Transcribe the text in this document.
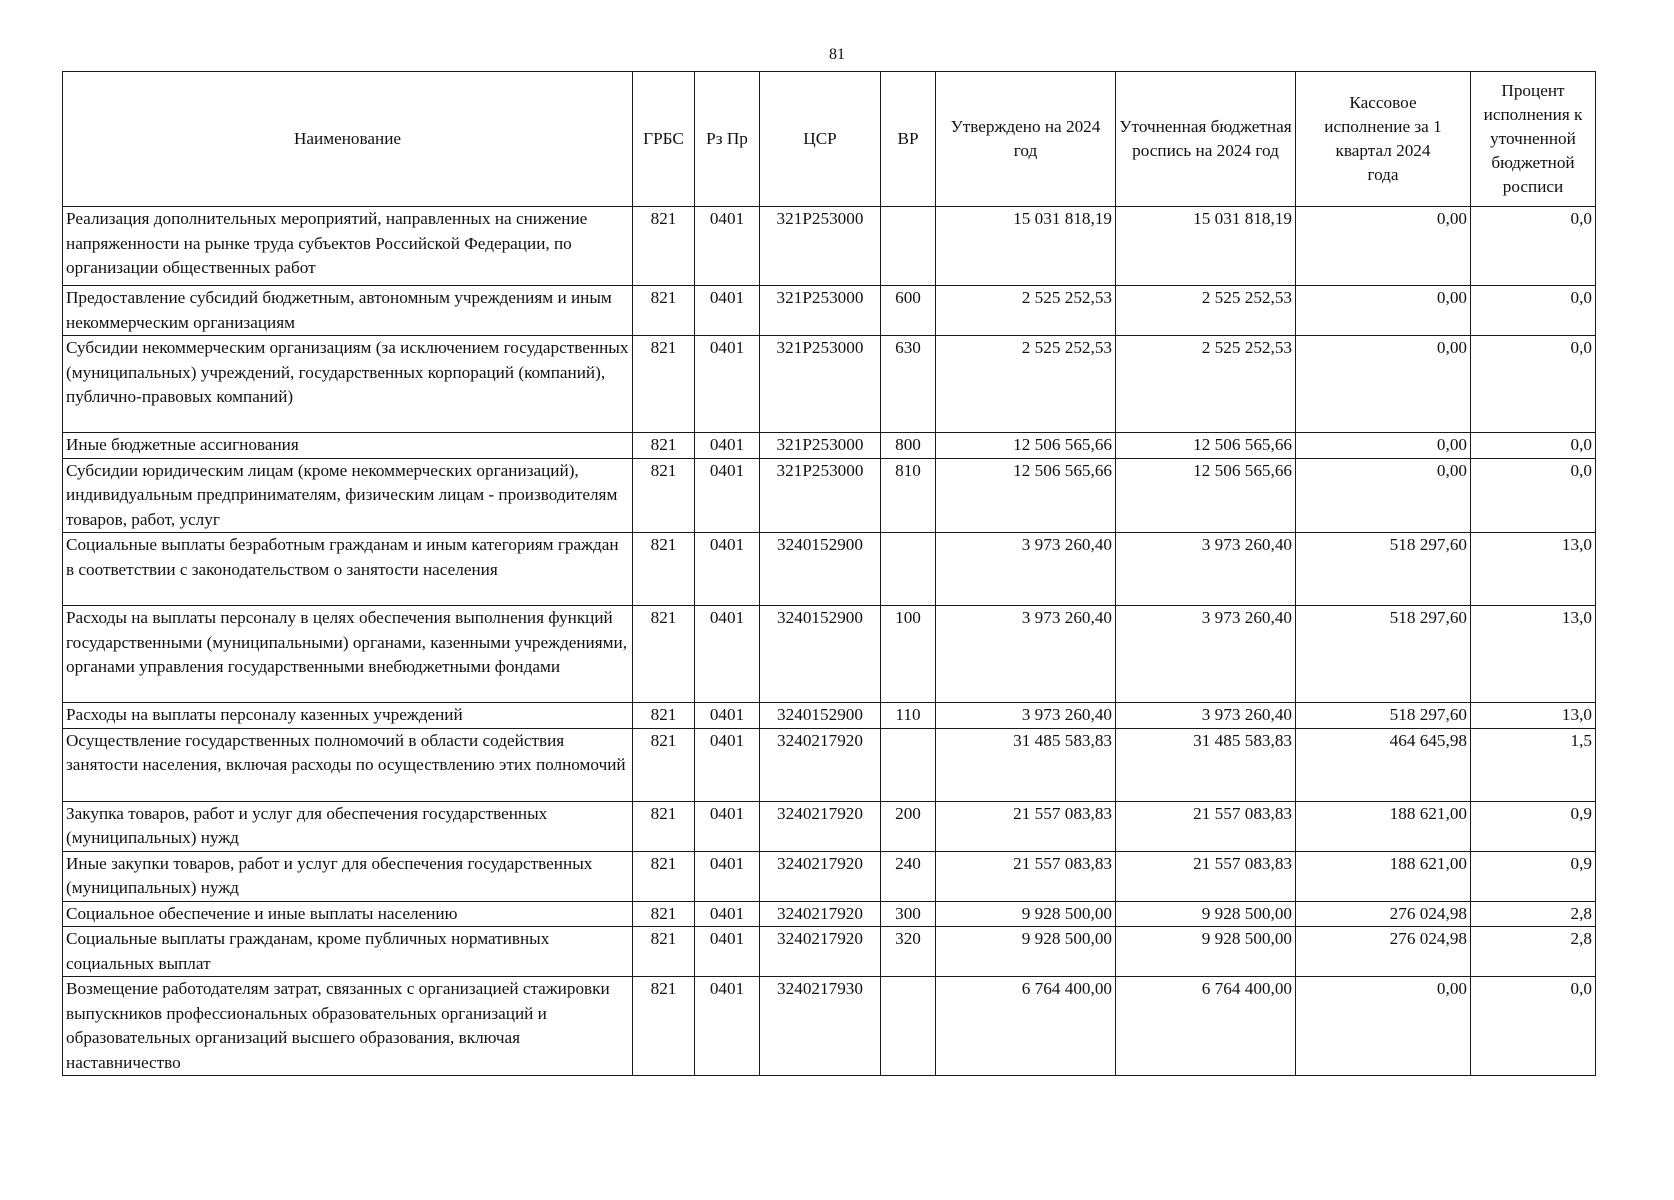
81
Наименование	ГРБС	Рз Пр	ЦСР	ВР	Утверждено на 2024 год	Уточненная бюджетная роспись на 2024 год	Кассовое исполнение за 1 квартал 2024 года	Процент исполнения к уточненной бюджетной росписи
Реализация дополнительных мероприятий, направленных на снижение напряженности на рынке труда субъектов Российской Федерации, по организации общественных работ	821	0401	321Р253000		15 031 818,19	15 031 818,19	0,00	0,0
Предоставление субсидий бюджетным, автономным учреждениям и иным некоммерческим организациям	821	0401	321Р253000	600	2 525 252,53	2 525 252,53	0,00	0,0
Субсидии некоммерческим организациям (за исключением государственных (муниципальных) учреждений, государственных корпораций (компаний), публично-правовых компаний)	821	0401	321Р253000	630	2 525 252,53	2 525 252,53	0,00	0,0
Иные бюджетные ассигнования	821	0401	321Р253000	800	12 506 565,66	12 506 565,66	0,00	0,0
Субсидии юридическим лицам (кроме некоммерческих организаций), индивидуальным предпринимателям, физическим лицам - производителям товаров, работ, услуг	821	0401	321Р253000	810	12 506 565,66	12 506 565,66	0,00	0,0
Социальные выплаты безработным гражданам и иным категориям граждан в соответствии с законодательством о занятости населения	821	0401	3240152900		3 973 260,40	3 973 260,40	518 297,60	13,0
Расходы на выплаты персоналу в целях обеспечения выполнения функций государственными (муниципальными) органами, казенными учреждениями, органами управления государственными внебюджетными фондами	821	0401	3240152900	100	3 973 260,40	3 973 260,40	518 297,60	13,0
Расходы на выплаты персоналу казенных учреждений	821	0401	3240152900	110	3 973 260,40	3 973 260,40	518 297,60	13,0
Осуществление государственных полномочий в области содействия занятости населения, включая расходы по осуществлению этих полномочий	821	0401	3240217920		31 485 583,83	31 485 583,83	464 645,98	1,5
Закупка товаров, работ и услуг для обеспечения государственных (муниципальных) нужд	821	0401	3240217920	200	21 557 083,83	21 557 083,83	188 621,00	0,9
Иные закупки товаров, работ и услуг для обеспечения государственных (муниципальных) нужд	821	0401	3240217920	240	21 557 083,83	21 557 083,83	188 621,00	0,9
Социальное обеспечение и иные выплаты населению	821	0401	3240217920	300	9 928 500,00	9 928 500,00	276 024,98	2,8
Социальные выплаты гражданам, кроме публичных нормативных социальных выплат	821	0401	3240217920	320	9 928 500,00	9 928 500,00	276 024,98	2,8
Возмещение работодателям затрат, связанных с организацией стажировки выпускников профессиональных образовательных организаций и образовательных организаций высшего образования, включая наставничество	821	0401	3240217930		6 764 400,00	6 764 400,00	0,00	0,0
